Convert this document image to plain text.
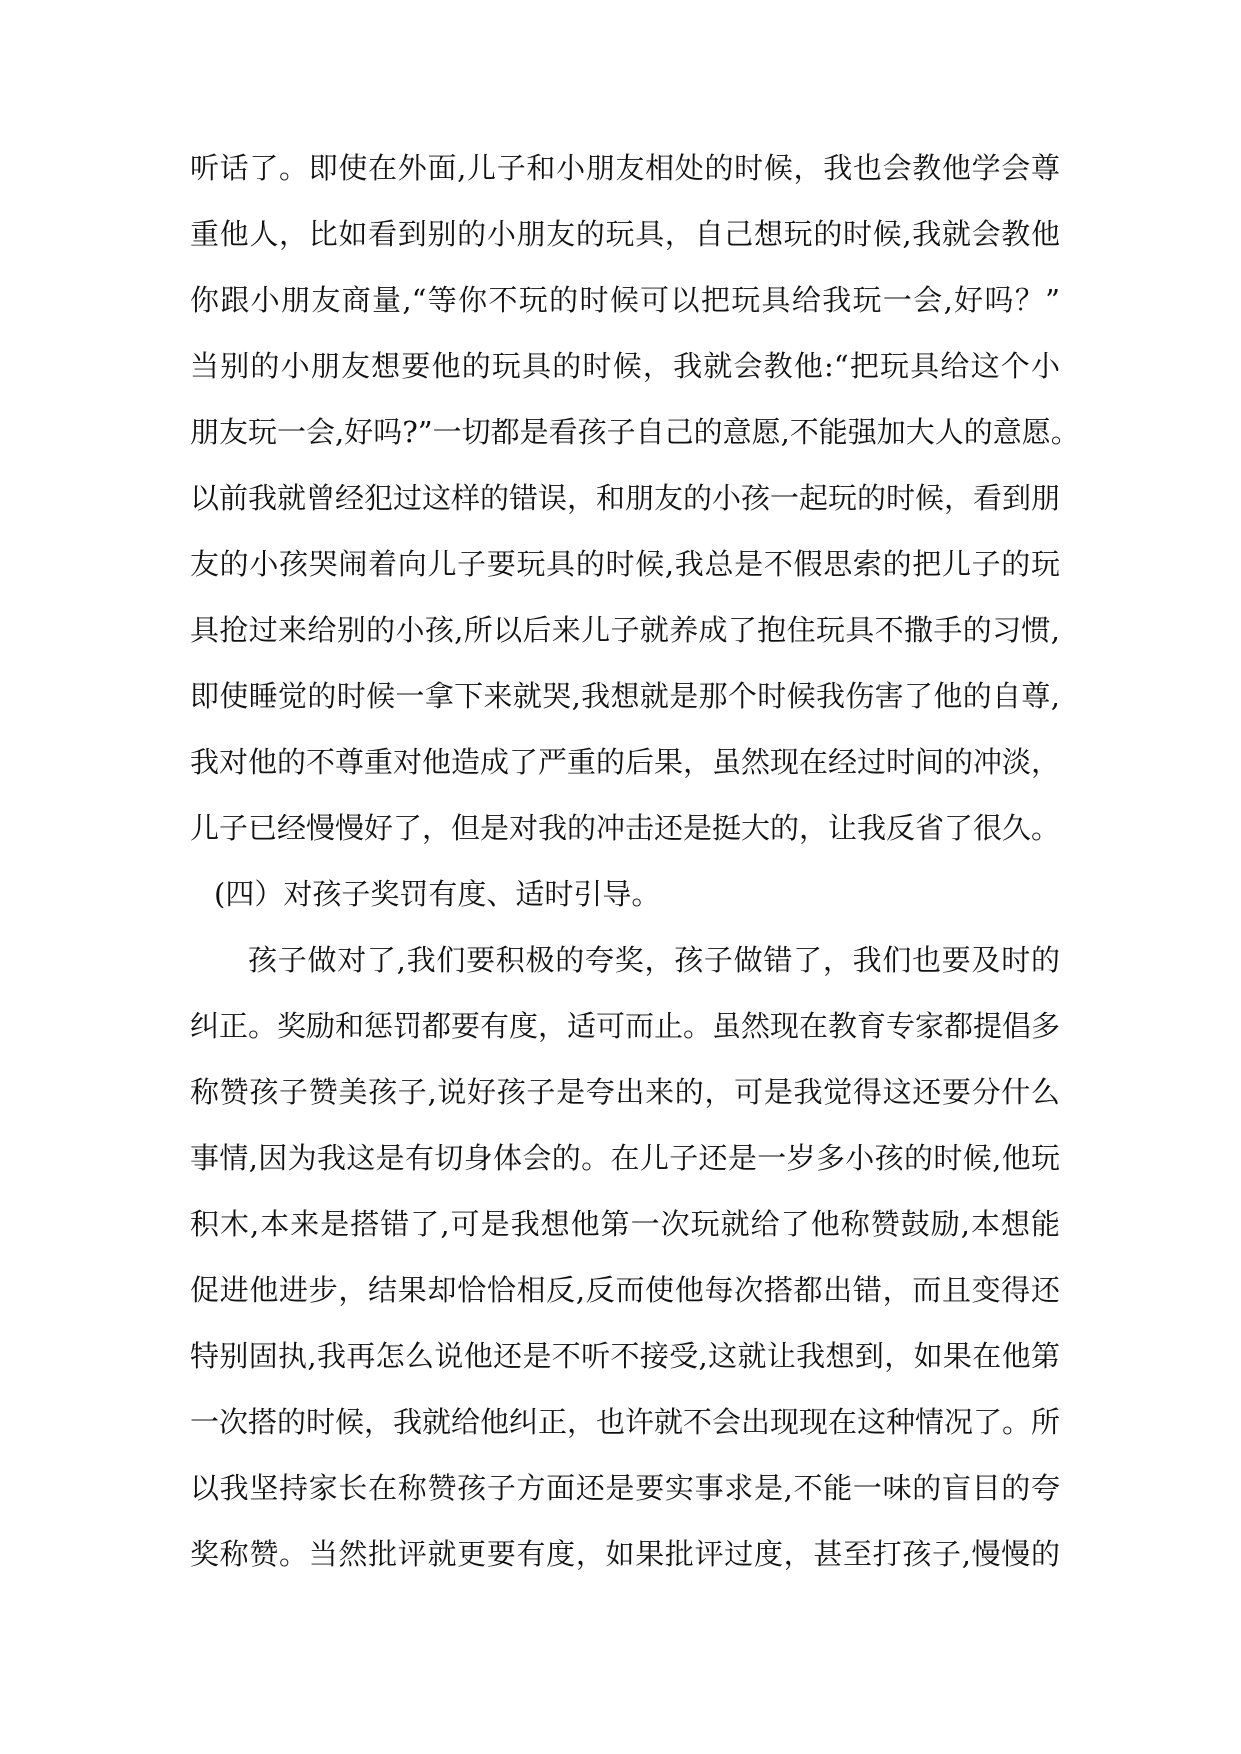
听话了。即使在外面,儿子和小朋友相处的时候，我也会教他学会尊
重他人，比如看到别的小朋友的玩具，自己想玩的时候,我就会教他
你跟小朋友商量,“等你不玩的时候可以把玩具给我玩一会,好吗？”
当别的小朋友想要他的玩具的时候，我就会教他:“把玩具给这个小
朋友玩一会,好吗?”一切都是看孩子自己的意愿,不能强加大人的意愿。
以前我就曾经犯过这样的错误，和朋友的小孩一起玩的时候，看到朋
友的小孩哭闹着向儿子要玩具的时候,我总是不假思索的把儿子的玩
具抢过来给别的小孩,所以后来儿子就养成了抱住玩具不撒手的习惯,
即使睡觉的时候一拿下来就哭,我想就是那个时候我伤害了他的自尊,
我对他的不尊重对他造成了严重的后果，虽然现在经过时间的冲淡，
儿子已经慢慢好了，但是对我的冲击还是挺大的，让我反省了很久。
(四）对孩子奖罚有度、适时引导。
孩子做对了,我们要积极的夸奖，孩子做错了，我们也要及时的
纠正。奖励和惩罚都要有度，适可而止。虽然现在教育专家都提倡多
称赞孩子赞美孩子,说好孩子是夸出来的，可是我觉得这还要分什么
事情,因为我这是有切身体会的。在儿子还是一岁多小孩的时候,他玩
积木,本来是搭错了,可是我想他第一次玩就给了他称赞鼓励,本想能
促进他进步，结果却恰恰相反,反而使他每次搭都出错，而且变得还
特别固执,我再怎么说他还是不听不接受,这就让我想到，如果在他第
一次搭的时候，我就给他纠正，也许就不会出现现在这种情况了。所
以我坚持家长在称赞孩子方面还是要实事求是,不能一味的盲目的夸
奖称赞。当然批评就更要有度，如果批评过度，甚至打孩子,慢慢的
